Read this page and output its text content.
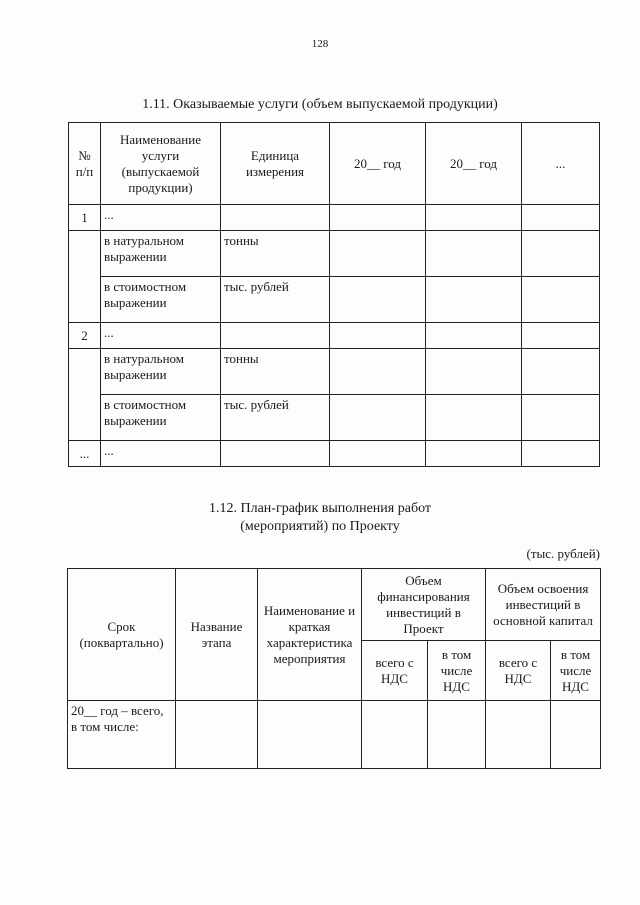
128
1.11. Оказываемые услуги (объем выпускаемой продукции)
№ п/п	Наименование услуги (выпускаемой продукции)	Единица измерения	20__ год	20__ год	...
1	...				
	в натуральном выражении	тонны			
	в стоимостном выражении	тыс. рублей			
2	...				
	в натуральном выражении	тонны			
	в стоимостном выражении	тыс. рублей			
...	...				
1.12. План-график выполнения работ
(мероприятий) по Проекту
(тыс. рублей)
Срок (поквартально)	Название этапа	Наименование и краткая характеристика мероприятия	Объем финансирования инвестиций в Проект		Объем освоения инвестиций в основной капитал	
			всего с НДС	в том числе НДС	всего с НДС	в том числе НДС
20__ год – всего, в том числе:						
